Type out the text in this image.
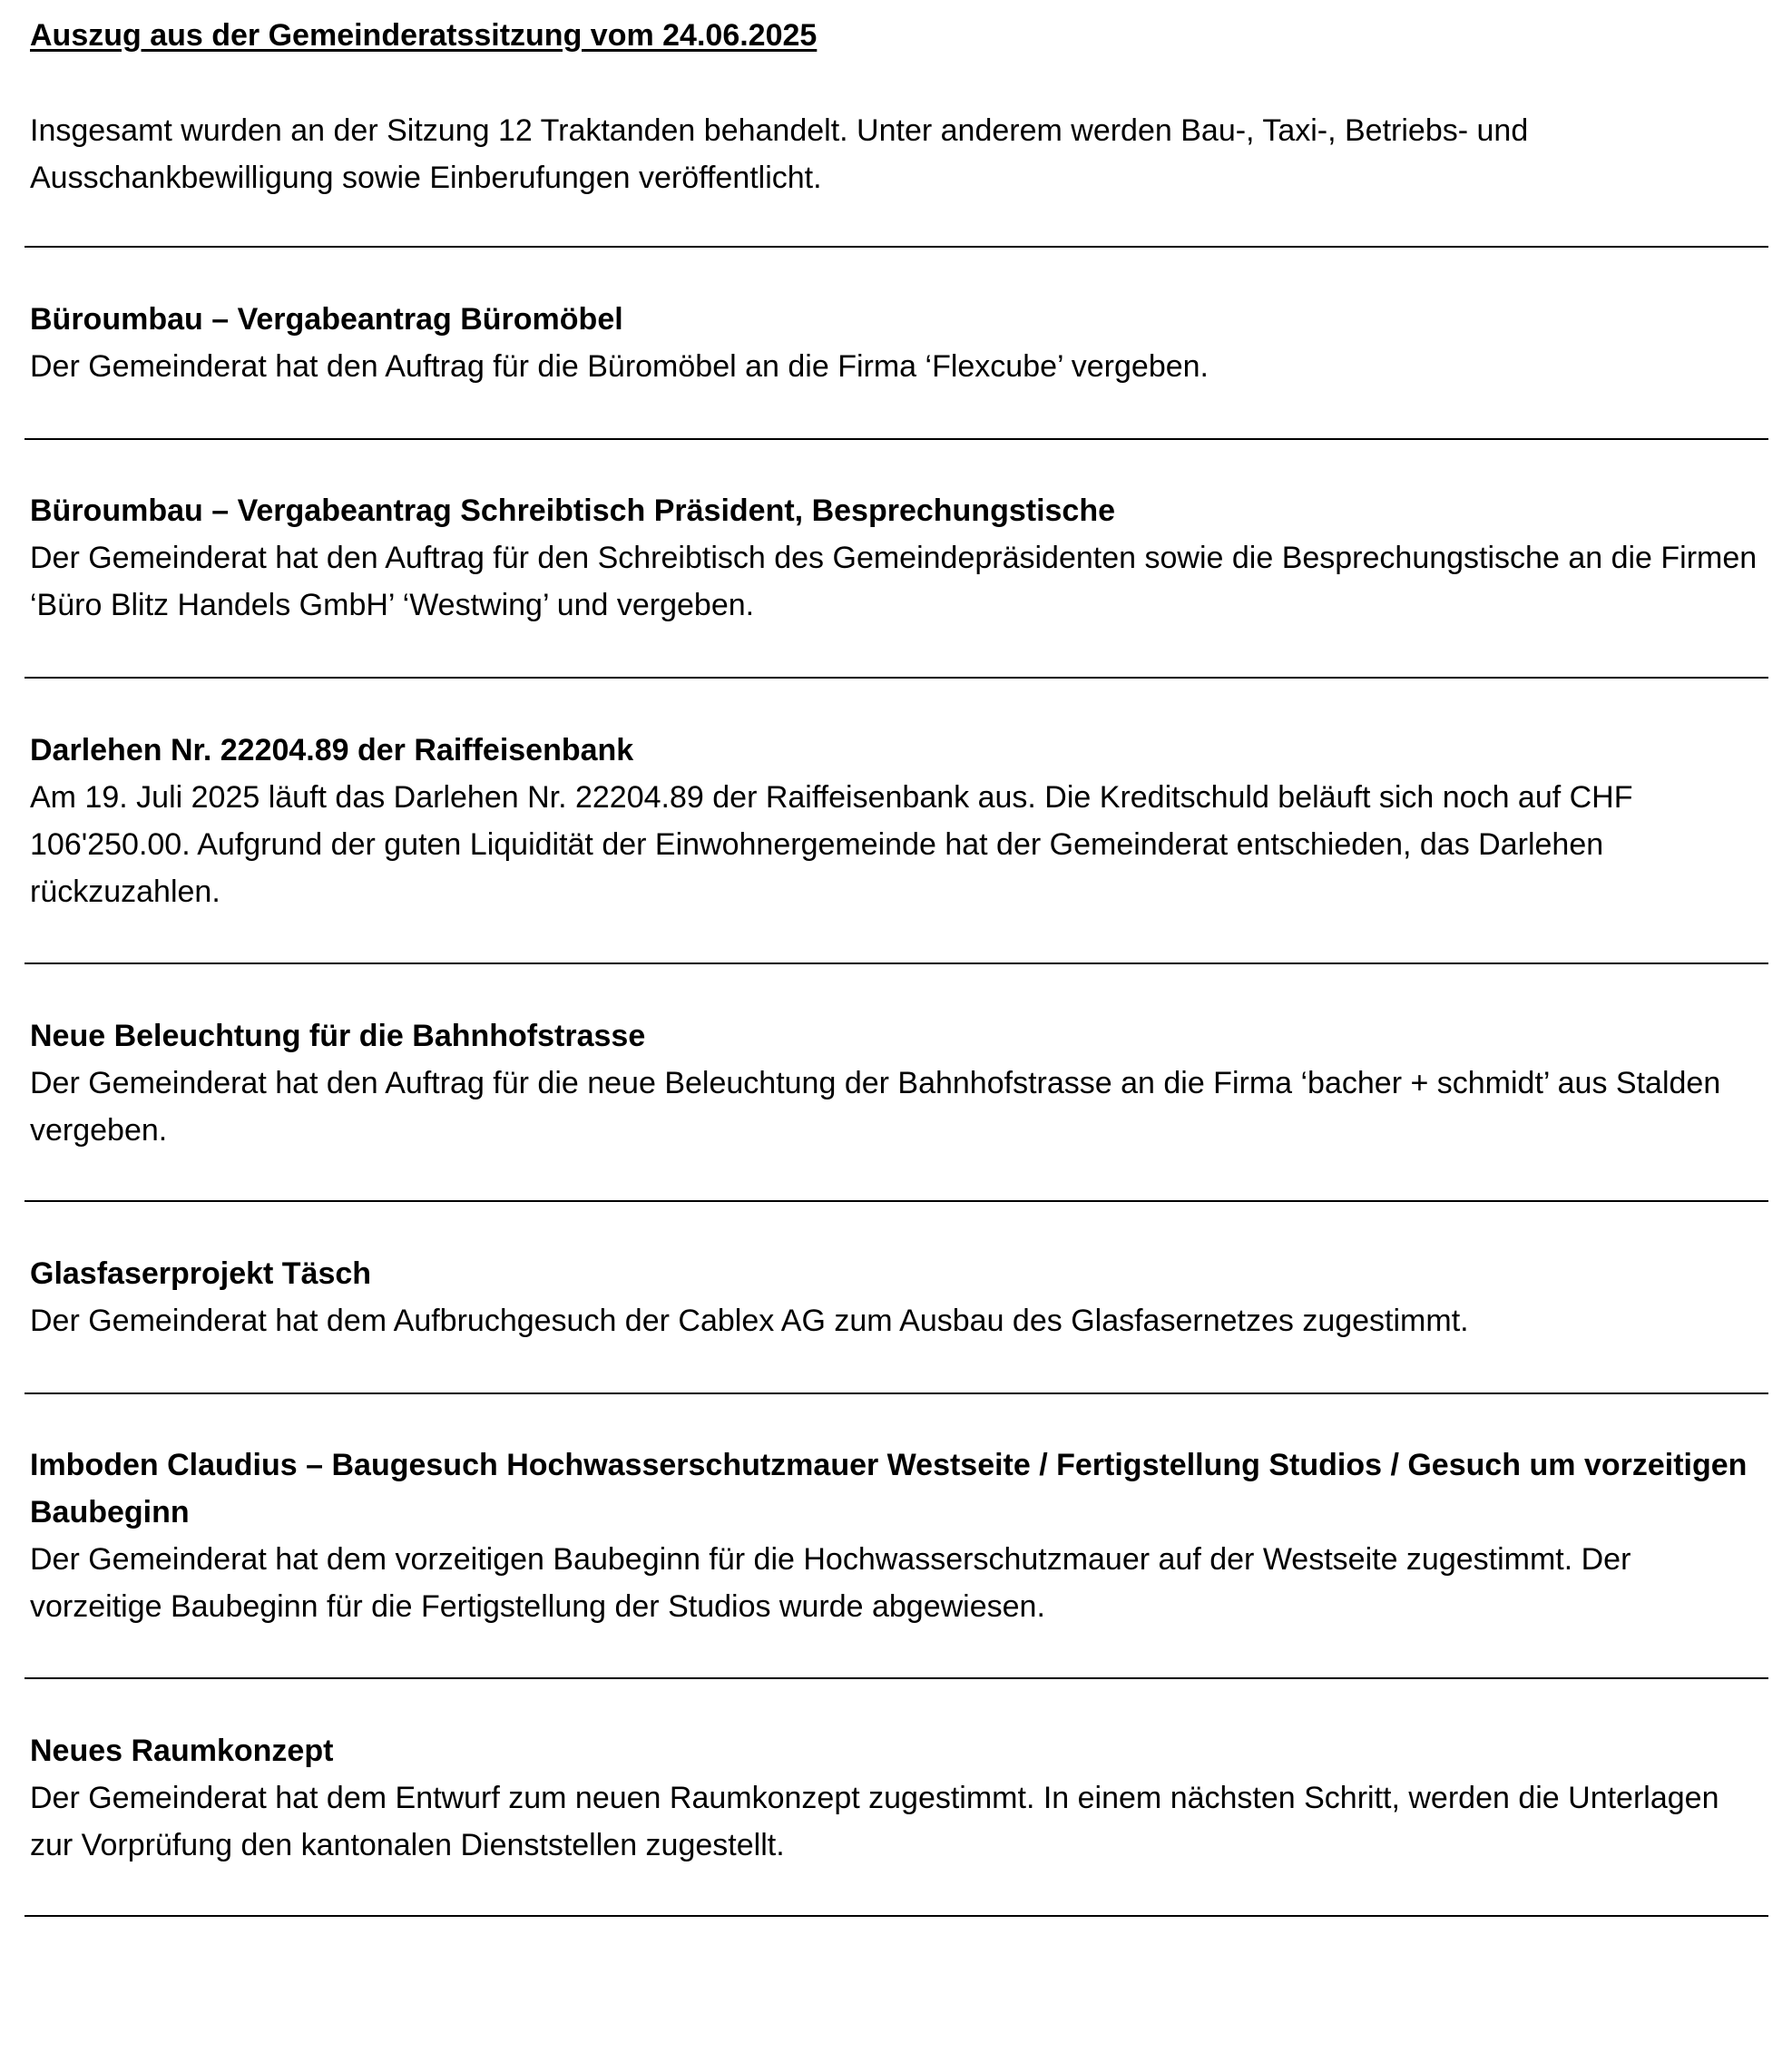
Auszug aus der Gemeinderatssitzung vom 24.06.2025

Insgesamt wurden an der Sitzung 12 Traktanden behandelt. Unter anderem werden Bau-, Taxi-, Betriebs- und Ausschankbewilligung sowie Einberufungen veröffentlicht.

Büroumbau – Vergabeantrag Büromöbel

Der Gemeinderat hat den Auftrag für die Büromöbel an die Firma ‘Flexcube’ vergeben.

Büroumbau – Vergabeantrag Schreibtisch Präsident, Besprechungstische

Der Gemeinderat hat den Auftrag für den Schreibtisch des Gemeindepräsidenten sowie die Besprechungstische an die Firmen ‘Büro Blitz Handels GmbH’ ‘Westwing’ und vergeben.

Darlehen Nr. 22204.89 der Raiffeisenbank

Am 19. Juli 2025 läuft das Darlehen Nr. 22204.89 der Raiffeisenbank aus. Die Kreditschuld beläuft sich noch auf CHF 106'250.00. Aufgrund der guten Liquidität der Einwohnergemeinde hat der Gemeinderat entschieden, das Darlehen rückzuzahlen.

Neue Beleuchtung für die Bahnhofstrasse

Der Gemeinderat hat den Auftrag für die neue Beleuchtung der Bahnhofstrasse an die Firma ‘bacher + schmidt’ aus Stalden vergeben.

Glasfaserprojekt Täsch

Der Gemeinderat hat dem Aufbruchgesuch der Cablex AG zum Ausbau des Glasfasernetzes zugestimmt.

Imboden Claudius – Baugesuch Hochwasserschutzmauer Westseite / Fertigstellung Studios / Gesuch um vorzeitigen Baubeginn

Der Gemeinderat hat dem vorzeitigen Baubeginn für die Hochwasserschutzmauer auf der Westseite zugestimmt. Der vorzeitige Baubeginn für die Fertigstellung der Studios wurde abgewiesen.

Neues Raumkonzept

Der Gemeinderat hat dem Entwurf zum neuen Raumkonzept zugestimmt. In einem nächsten Schritt, werden die Unterlagen zur Vorprüfung den kantonalen Dienststellen zugestellt.
